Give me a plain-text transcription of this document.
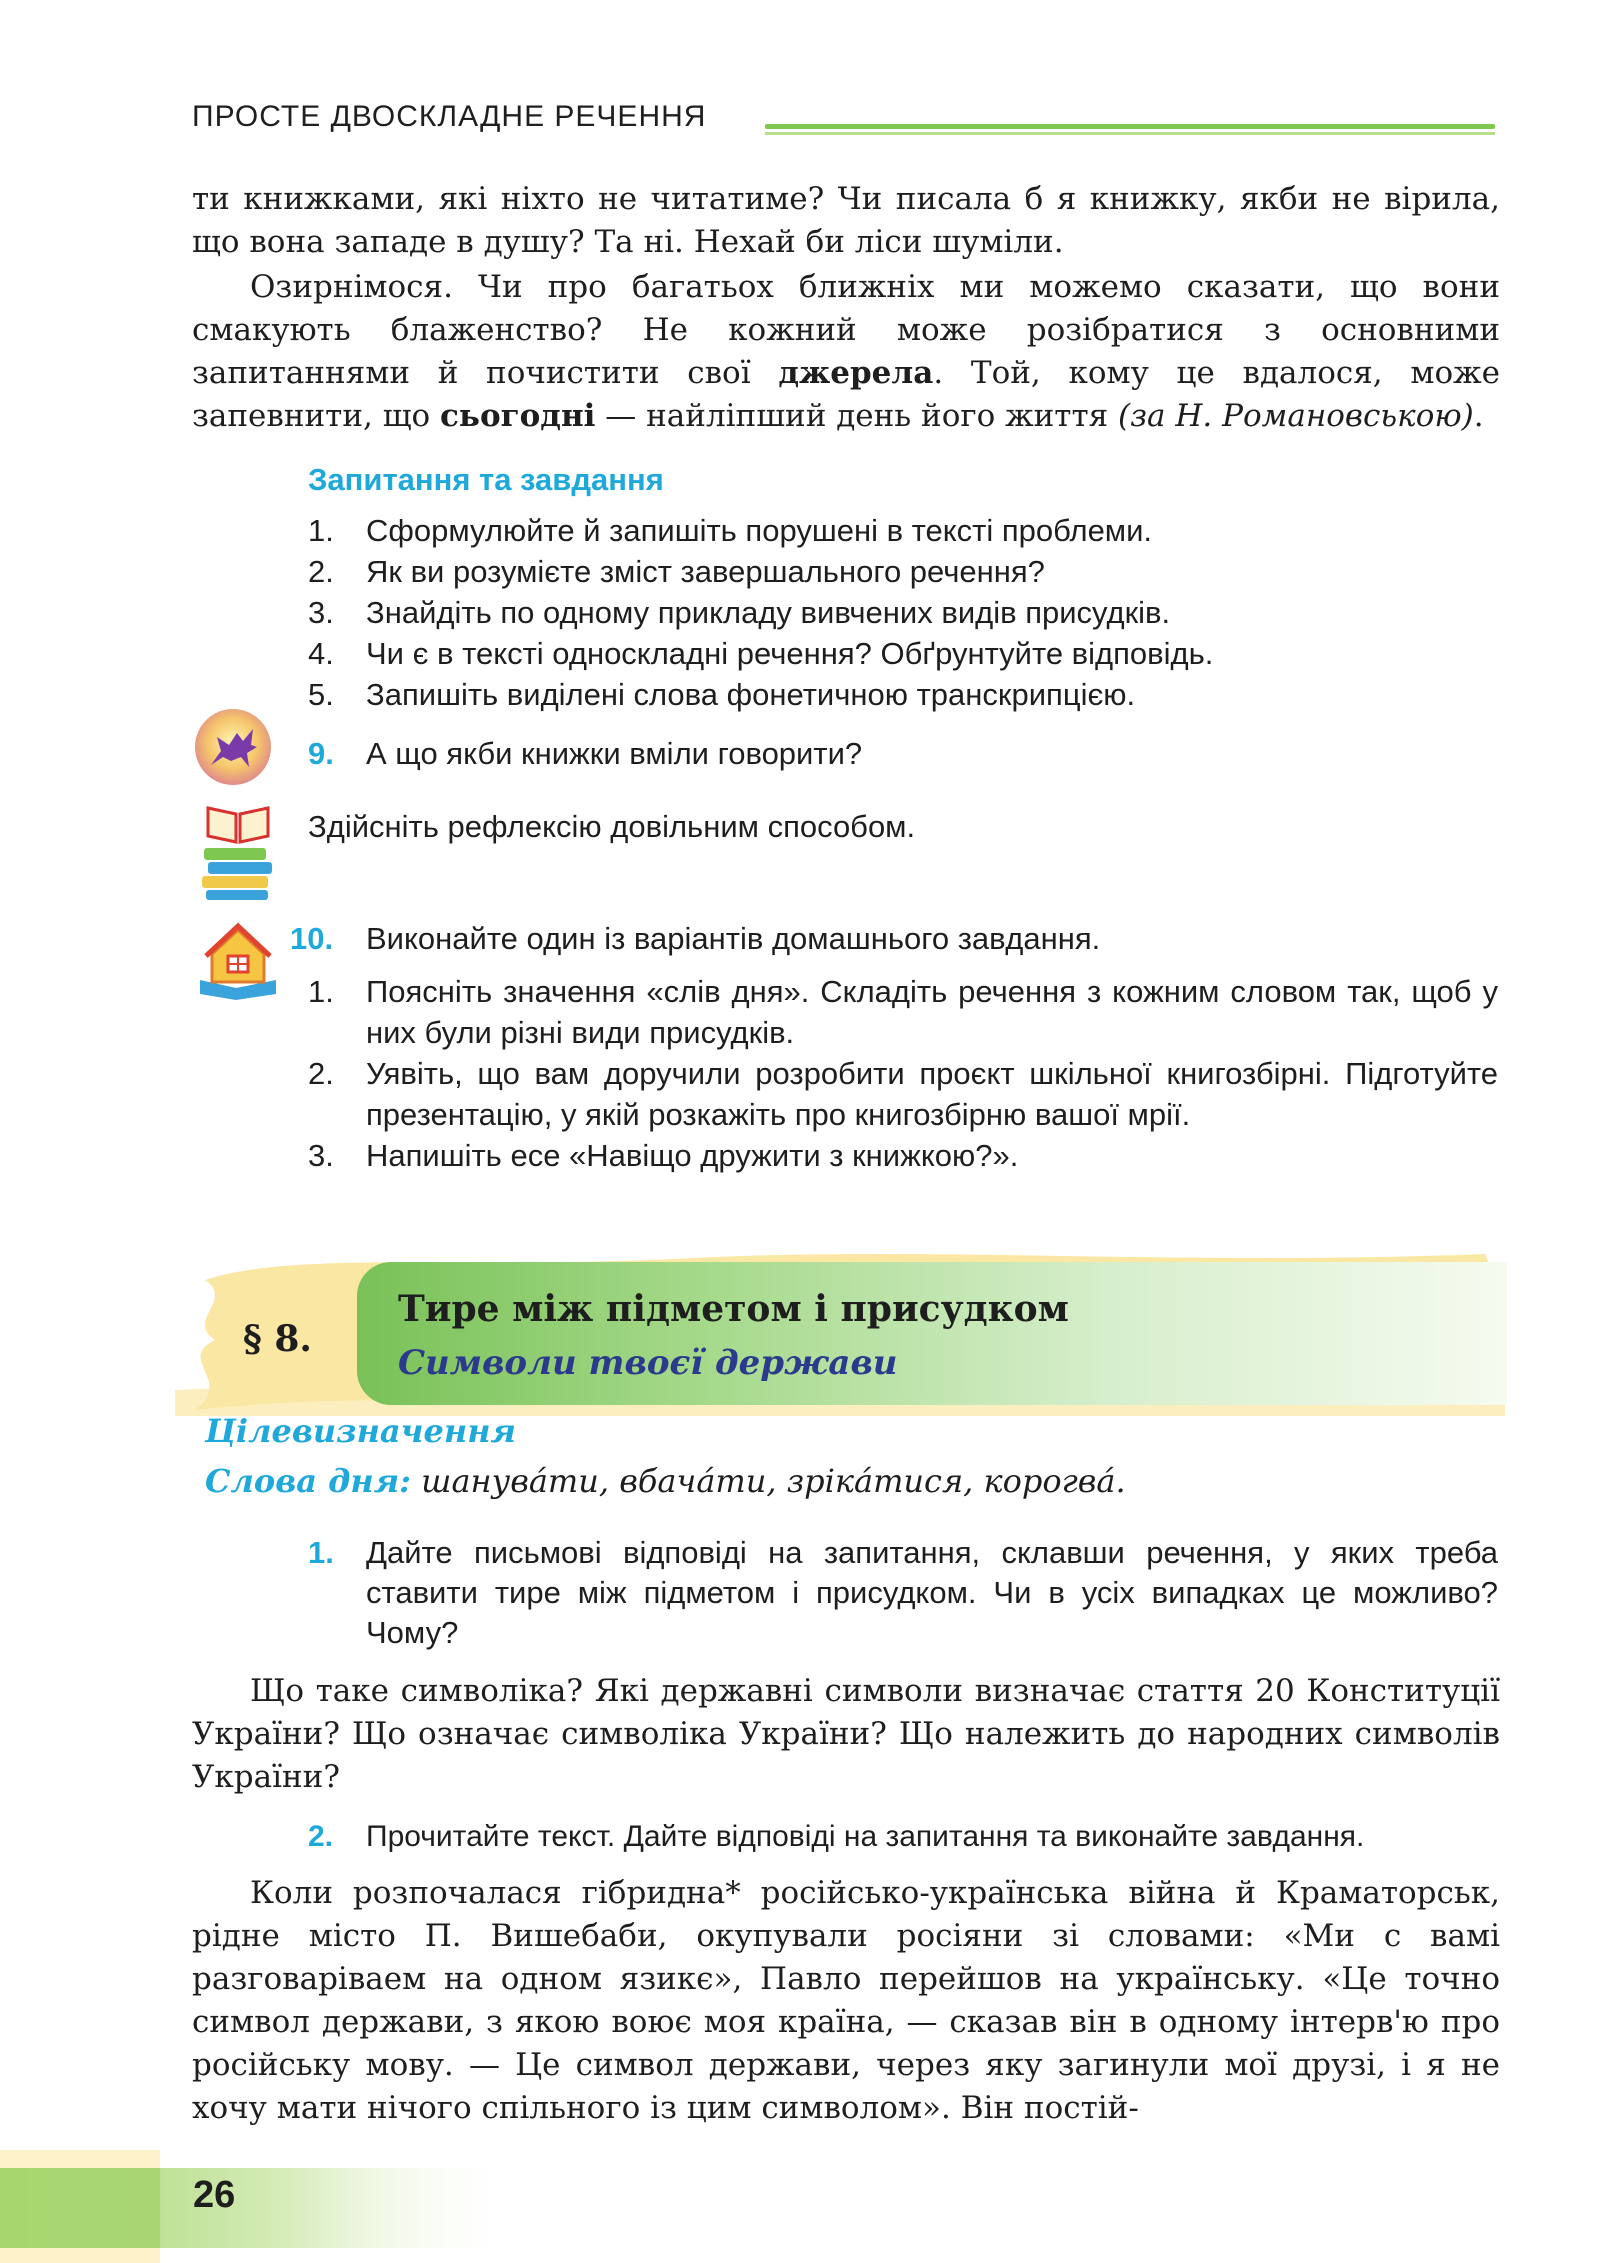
ПРОСТЕ ДВОСКЛАДНЕ РЕЧЕННЯ
ти книжками, які ніхто не читатиме? Чи писала б я книжку, якби не вірила, що вона западе в душу? Та ні. Нехай би ліси шуміли.
Озирнімося. Чи про багатьох ближніх ми можемо сказати, що вони смакують блаженство? Не кожний може розібратися з основними запитаннями й почистити свої джерела. Той, кому це вдалося, може запевнити, що сьогодні — найліпший день його життя (за Н. Романовською).
Запитання та завдання
1.	Сформулюйте й запишіть порушені в тексті проблеми.
2.	Як ви розумієте зміст завершального речення?
3.	Знайдіть по одному прикладу вивчених видів присудків.
4.	Чи є в тексті односкладні речення? Обґрунтуйте відповідь.
5.	Запишіть виділені слова фонетичною транскрипцією.
9.	А що якби книжки вміли говорити?
Здійсніть рефлексію довільним способом.
10.	Виконайте один із варіантів домашнього завдання.
1.	Поясніть значення «слів дня». Складіть речення з кожним словом так, щоб у них були різні види присудків.
2.	Уявіть, що вам доручили розробити проєкт шкільної книгозбірні. Підготуйте презентацію, у якій розкажіть про книгозбірню вашої мрії.
3.	Напишіть есе «Навіщо дружити з книжкою?».
§ 8.
Тире між підметом і присудком
Символи твоєї держави
Цілевизначення
Слова дня: шанува́ти, вбача́ти, зріка́тися, корогва́.
1.	Дайте письмові відповіді на запитання, склавши речення, у яких треба ставити тире між підметом і присудком. Чи в усіх випадках це можливо? Чому?
Що таке символіка? Які державні символи визначає стаття 20 Конституції України? Що означає символіка України? Що належить до народних символів України?
2.	Прочитайте текст. Дайте відповіді на запитання та виконайте завдання.
Коли розпочалася гібридна* російсько-українська війна й Краматорськ, рідне місто П. Вишебаби, окупували росіяни зі словами: «Ми с вамі разговаріваем на одном язикє», Павло перейшов на українську. «Це точно символ держави, з якою воює моя країна, — сказав він в одному інтерв'ю про російську мову. — Це символ держави, через яку загинули мої друзі, і я не хочу мати нічого спільного із цим символом». Він постій-
26
